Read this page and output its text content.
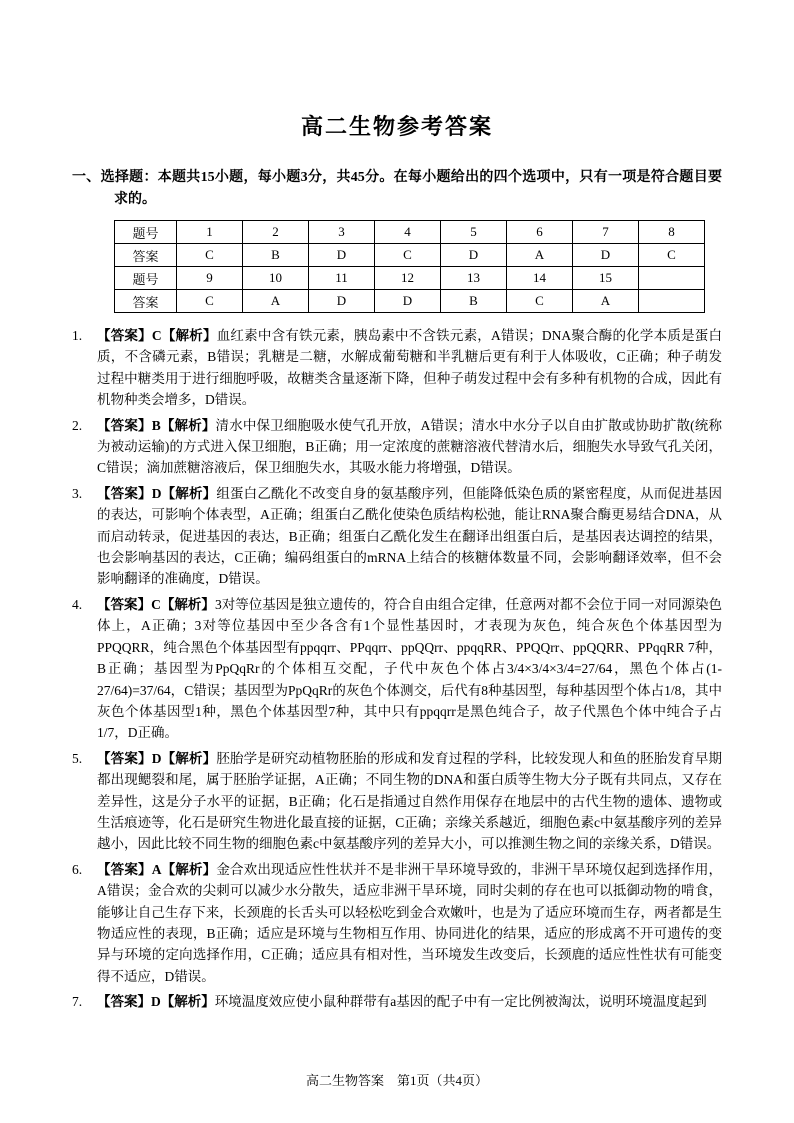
高二生物参考答案
一、选择题：本题共15小题，每小题3分，共45分。在每小题给出的四个选项中，只有一项是符合题目要求的。
题号	1	2	3	4	5	6	7	8
答案	C	B	D	C	D	A	D	C
题号	9	10	11	12	13	14	15	
答案	C	A	D	D	B	C	A	
1.	【答案】C【解析】血红素中含有铁元素，胰岛素中不含铁元素，A错误；DNA聚合酶的化学本质是蛋白质，不含磷元素，B错误；乳糖是二糖，水解成葡萄糖和半乳糖后更有利于人体吸收，C正确；种子萌发过程中糖类用于进行细胞呼吸，故糖类含量逐渐下降，但种子萌发过程中会有多种有机物的合成，因此有机物种类会增多，D错误。
2.	【答案】B【解析】清水中保卫细胞吸水使气孔开放，A错误；清水中水分子以自由扩散或协助扩散(统称为被动运输)的方式进入保卫细胞，B正确；用一定浓度的蔗糖溶液代替清水后，细胞失水导致气孔关闭，C错误；滴加蔗糖溶液后，保卫细胞失水，其吸水能力将增强，D错误。
3.	【答案】D【解析】组蛋白乙酰化不改变自身的氨基酸序列，但能降低染色质的紧密程度，从而促进基因的表达，可影响个体表型，A正确；组蛋白乙酰化使染色质结构松弛，能让RNA聚合酶更易结合DNA，从而启动转录，促进基因的表达，B正确；组蛋白乙酰化发生在翻译出组蛋白后，是基因表达调控的结果，也会影响基因的表达，C正确；编码组蛋白的mRNA上结合的核糖体数量不同，会影响翻译效率，但不会影响翻译的准确度，D错误。
4.	【答案】C【解析】3对等位基因是独立遗传的，符合自由组合定律，任意两对都不会位于同一对同源染色体上，A正确；3对等位基因中至少各含有1个显性基因时，才表现为灰色，纯合灰色个体基因型为PPQQRR，纯合黑色个体基因型有ppqqrr、PPqqrr、ppQQrr、ppqqRR、PPQQrr、ppQQRR、PPqqRR 7种，B正确；基因型为PpQqRr的个体相互交配，子代中灰色个体占3/4×3/4×3/4=27/64，黑色个体占(1-27/64)=37/64，C错误；基因型为PpQqRr的灰色个体测交，后代有8种基因型，每种基因型个体占1/8，其中灰色个体基因型1种，黑色个体基因型7种，其中只有ppqqrr是黑色纯合子，故子代黑色个体中纯合子占1/7，D正确。
5.	【答案】D【解析】胚胎学是研究动植物胚胎的形成和发育过程的学科，比较发现人和鱼的胚胎发育早期都出现鳃裂和尾，属于胚胎学证据，A正确；不同生物的DNA和蛋白质等生物大分子既有共同点，又存在差异性，这是分子水平的证据，B正确；化石是指通过自然作用保存在地层中的古代生物的遗体、遗物或生活痕迹等，化石是研究生物进化最直接的证据，C正确；亲缘关系越近，细胞色素c中氨基酸序列的差异越小，因此比较不同生物的细胞色素c中氨基酸序列的差异大小，可以推测生物之间的亲缘关系，D错误。
6.	【答案】A【解析】金合欢出现适应性性状并不是非洲干旱环境导致的，非洲干旱环境仅起到选择作用，A错误；金合欢的尖刺可以减少水分散失，适应非洲干旱环境，同时尖刺的存在也可以抵御动物的啃食，能够让自己生存下来，长颈鹿的长舌头可以轻松吃到金合欢嫩叶，也是为了适应环境而生存，两者都是生物适应性的表现，B正确；适应是环境与生物相互作用、协同进化的结果，适应的形成离不开可遗传的变异与环境的定向选择作用，C正确；适应具有相对性，当环境发生改变后，长颈鹿的适应性性状有可能变得不适应，D错误。
7.	【答案】D【解析】环境温度效应使小鼠种群带有a基因的配子中有一定比例被淘汰，说明环境温度起到
高二生物答案　第1页（共4页）
